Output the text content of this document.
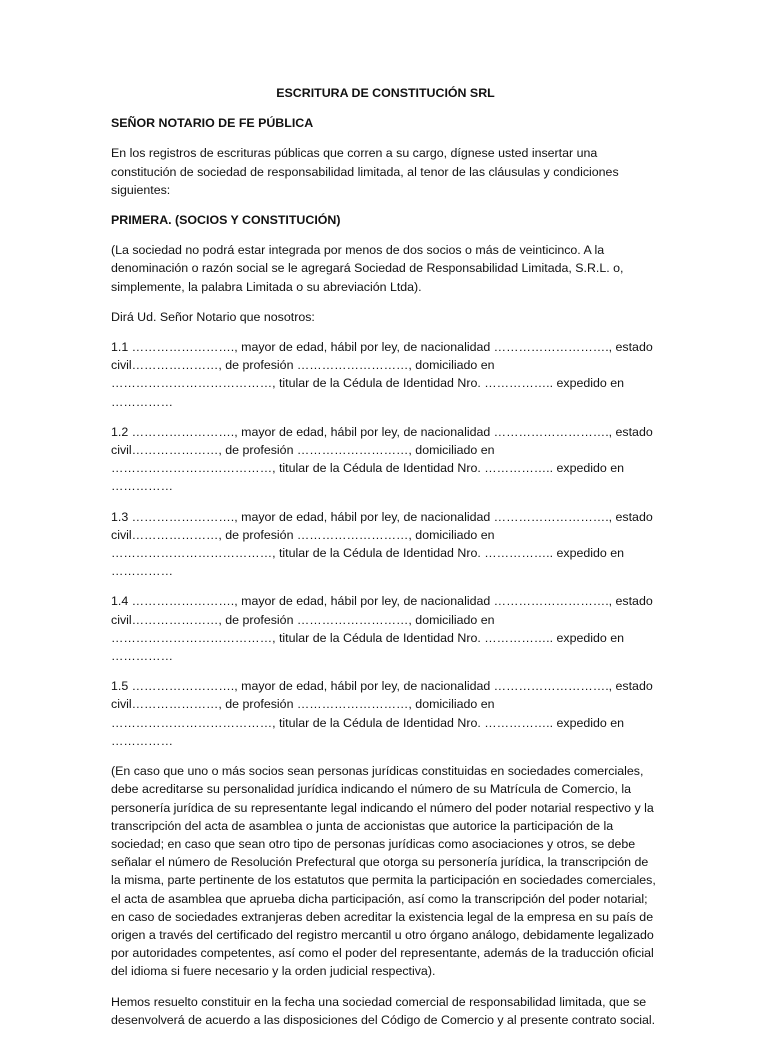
ESCRITURA DE CONSTITUCIÓN SRL

SEÑOR NOTARIO DE FE PÚBLICA

En los registros de escrituras públicas que corren a su cargo, dígnese usted insertar una constitución de sociedad de responsabilidad limitada, al tenor de las cláusulas y condiciones siguientes:

PRIMERA. (SOCIOS Y CONSTITUCIÓN)

(La sociedad no podrá estar integrada por menos de dos socios o más de veinticinco. A la denominación o razón social se le agregará Sociedad de Responsabilidad Limitada, S.R.L. o, simplemente, la palabra Limitada o su abreviación Ltda).

Dirá Ud. Señor Notario que nosotros:

1.1 ……………………., mayor de edad, hábil por ley, de nacionalidad ………………………., estado civil…………………, de profesión ………………………, domiciliado en …………………………………, titular de la Cédula de Identidad Nro. …………….. expedido en ……………

1.2 ……………………., mayor de edad, hábil por ley, de nacionalidad ………………………., estado civil…………………, de profesión ………………………, domiciliado en …………………………………, titular de la Cédula de Identidad Nro. …………….. expedido en ……………

1.3 ……………………., mayor de edad, hábil por ley, de nacionalidad ………………………., estado civil…………………, de profesión ………………………, domiciliado en …………………………………, titular de la Cédula de Identidad Nro. …………….. expedido en ……………

1.4 ……………………., mayor de edad, hábil por ley, de nacionalidad ………………………., estado civil…………………, de profesión ………………………, domiciliado en …………………………………, titular de la Cédula de Identidad Nro. …………….. expedido en ……………

1.5 ……………………., mayor de edad, hábil por ley, de nacionalidad ………………………., estado civil…………………, de profesión ………………………, domiciliado en …………………………………, titular de la Cédula de Identidad Nro. …………….. expedido en ……………

(En caso que uno o más socios sean personas jurídicas constituidas en sociedades comerciales, debe acreditarse su personalidad jurídica indicando el número de su Matrícula de Comercio, la personería jurídica de su representante legal indicando el número del poder notarial respectivo y la transcripción del acta de asamblea o junta de accionistas que autorice la participación de la sociedad; en caso que sean otro tipo de personas jurídicas como asociaciones y otros, se debe señalar el número de Resolución Prefectural que otorga su personería jurídica, la transcripción de la misma, parte pertinente de los estatutos que permita la participación en sociedades comerciales, el acta de asamblea que aprueba dicha participación, así como la transcripción del poder notarial; en caso de sociedades extranjeras deben acreditar la existencia legal de la empresa en su país de origen a través del certificado del registro mercantil u otro órgano análogo, debidamente legalizado por autoridades competentes, así como el poder del representante, además de la traducción oficial del idioma si fuere necesario y la orden judicial respectiva).

Hemos resuelto constituir en la fecha una sociedad comercial de responsabilidad limitada, que se desenvolverá de acuerdo a las disposiciones del Código de Comercio y al presente contrato social.
